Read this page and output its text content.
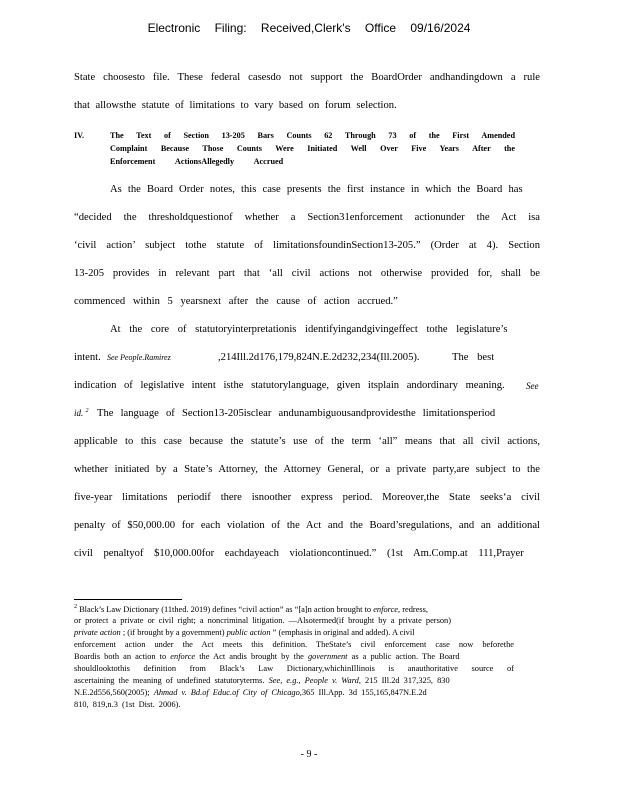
Electronic Filing: Received,Clerk's Office 09/16/2024
State choosesto file. These federal casesdo not support the BoardOrder andhandingdown a rule
that allowsthe statute of limitations to vary based on forum selection.
IV.	The Text of Section 13-205 Bars Counts 62 Through 73 of the First Amended
Complaint Because Those Counts Were Initiated Well Over Five Years After the
Enforcement ActionsAllegedly Accrued
As the Board Order notes, this case presents the first instance in which the Board has
“decided the thresholdquestionof whether a Section31enforcement actionunder the Act isa
‘civil action’ subject tothe statute of limitationsfoundinSection13-205.” (Order at 4). Section
13-205 provides in relevant part that ‘all civil actions not otherwise provided for, shall be
commenced within 5 yearsnext after the cause of action accrued.”
At the core of statutoryinterpretationis identifyingandgivingeffect tothe legislature’s
intent. See People.Ramirez	,214Ill.2d176,179,824N.E.2d232,234(Ill.2005).	The best
indication of legislative intent isthe statutorylanguage, given itsplain andordinary meaning. See
id. $^2$ The language of Section13-205isclear andunambiguousandprovidesthe limitationsperiod
applicable to this case because the statute’s use of the term ‘all” means that all civil actions,
whether initiated by a State’s Attorney, the Attorney General, or a private party,are subject to the
five-year limitations periodif there isnoother express period. Moreover,the State seeks‘a civil
penalty of $50,000.00 for each violation of the Act and the Board’sregulations, and an additional
civil penaltyof $10,000.00for eachdayeach violationcontinued.” (1st Am.Comp.at 111,Prayer
$^2$ Black’s Law Dictionary (11thed. 2019) defines “civil action” as “[a]n action brought to enforce, redress,
or protect a private or civil right; a noncriminal litigation. —Alsotermed(if brought by a private person)
private action ; (if brought by a government) public action ” (emphasis in original and added). A civil
enforcement action under the Act meets this definition. TheState’s civil enforcement case now beforethe
Boardis both an action to enforce the Act andis brought by the government as a public action. The Board
shouldlooktothis definition from Black’s Law Dictionary,whichinIllinois is anauthoritative source of
ascertaining the meaning of undefined statutoryterms. See, e.g., People v. Ward, 215 Ill.2d 317,325, 830
N.E.2d556,560(2005); Ahmad v. Bd.of Educ.of City of Chicago,365 Ill.App. 3d 155,165,847N.E.2d
810, 819,n.3 (1st Dist. 2006).
- 9 -
